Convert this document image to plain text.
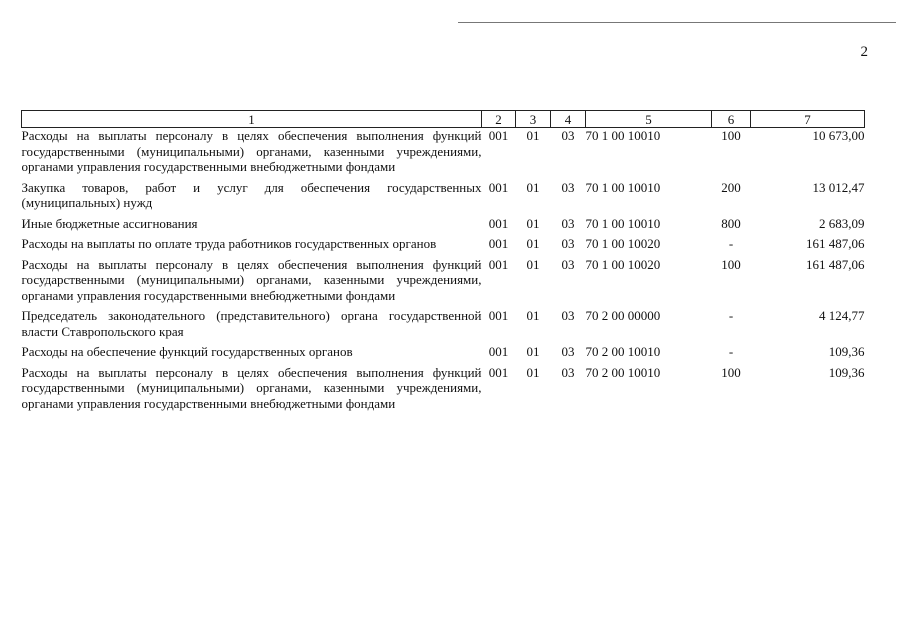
2
1	2	3	4	5	6	7
Расходы на выплаты персоналу в целях обеспечения выполнения функций государственными (муниципальными) органами, казенными учреждениями, органами управления государственными внебюджетными фондами	001	01	03	70 1 00 10010	100	10 673,00
Закупка товаров, работ и услуг для обеспечения государственных (муниципальных) нужд	001	01	03	70 1 00 10010	200	13 012,47
Иные бюджетные ассигнования	001	01	03	70 1 00 10010	800	2 683,09
Расходы на выплаты по оплате труда работников государственных органов	001	01	03	70 1 00 10020	-	161 487,06
Расходы на выплаты персоналу в целях обеспечения выполнения функций государственными (муниципальными) органами, казенными учреждениями, органами управления государственными внебюджетными фондами	001	01	03	70 1 00 10020	100	161 487,06
Председатель законодательного (представительного) органа государственной власти Ставропольского края	001	01	03	70 2 00 00000	-	4 124,77
Расходы на обеспечение функций государственных органов	001	01	03	70 2 00 10010	-	109,36
Расходы на выплаты персоналу в целях обеспечения выполнения функций государственными (муниципальными) органами, казенными учреждениями, органами управления государственными внебюджетными фондами	001	01	03	70 2 00 10010	100	109,36
